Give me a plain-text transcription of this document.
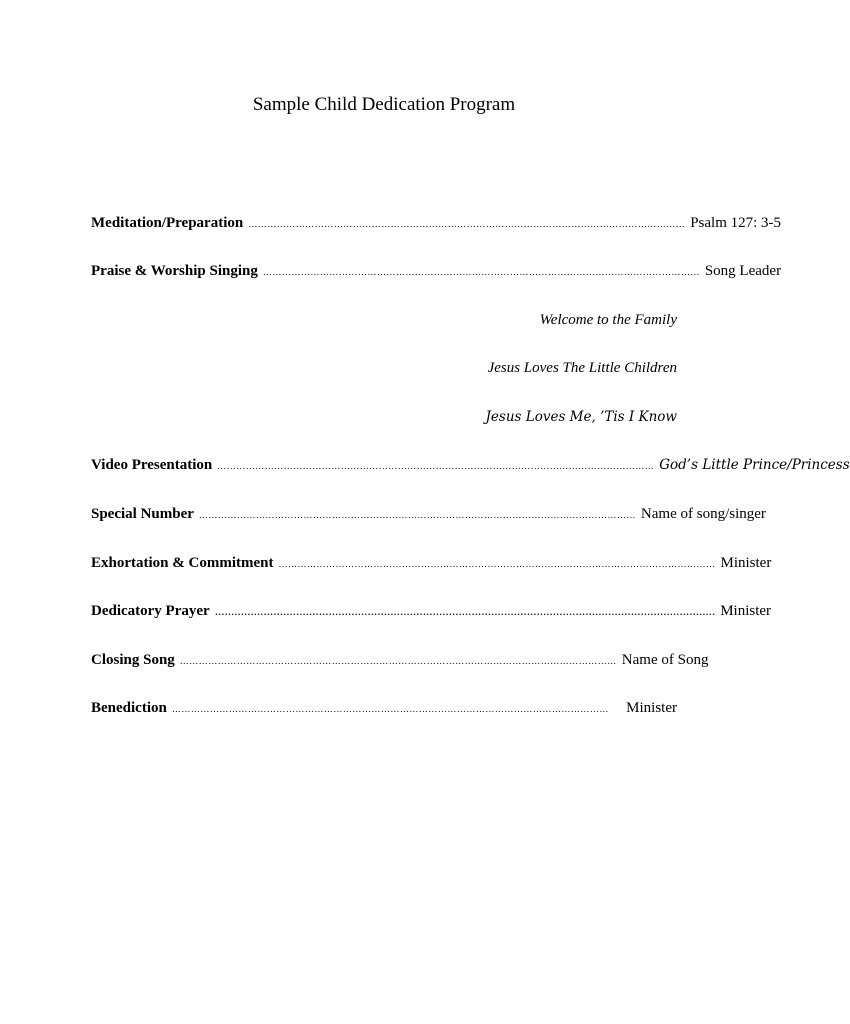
Sample Child Dedication Program
Meditation/Preparation ………………………………………………………………………………………………………………………… Psalm 127: 3-5
Praise & Worship Singing ………………………………………………………………………………………………………………………… Song Leader
Welcome to the Family
Jesus Loves The Little Children
Jesus Loves Me, ’Tis I Know
Video Presentation ………………………………………………………………………………………………………………………… God’s Little Prince/Princess
Special Number ………………………………………………………………………………………………………………………… Name of song/singer
Exhortation & Commitment ………………………………………………………………………………………………………………………… Minister
Dedicatory Prayer .......................................................................................................................................................... Minister
Closing Song ………………………………………………………………………………………………………………………… Name of Song
Benediction …………………………………………………………………………………………………………………………	Minister
